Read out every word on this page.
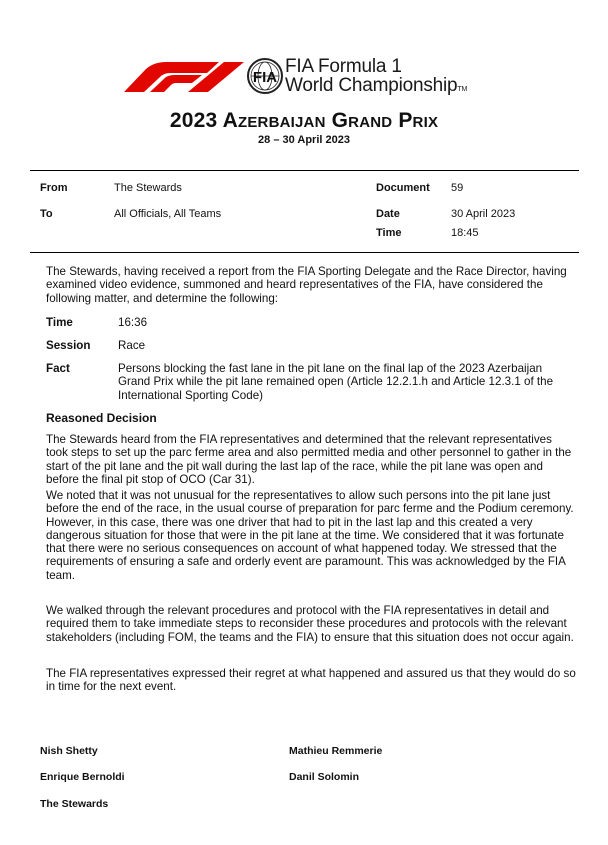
FIA
FIA Formula 1
World ChampionshipTM
2023 Azerbaijan Grand Prix
28 – 30 April 2023
From	The Stewards
To	All Officials, All Teams
Document 59
Date	30 April 2023
Time	18:45
The Stewards, having received a report from the FIA Sporting Delegate and the Race Director, having examined video evidence, summoned and heard representatives of the FIA, have considered the following matter, and determine the following:
Time	16:36
Session Race
Fact	Persons blocking the fast lane in the pit lane on the final lap of the 2023 Azerbaijan Grand Prix while the pit lane remained open (Article 12.2.1.h and Article 12.3.1 of the International Sporting Code)
Reasoned Decision
The Stewards heard from the FIA representatives and determined that the relevant representatives took steps to set up the parc ferme area and also permitted media and other personnel to gather in the start of the pit lane and the pit wall during the last lap of the race, while the pit lane was open and before the final pit stop of OCO (Car 31).
We noted that it was not unusual for the representatives to allow such persons into the pit lane just before the end of the race, in the usual course of preparation for parc ferme and the Podium ceremony. However, in this case, there was one driver that had to pit in the last lap and this created a very dangerous situation for those that were in the pit lane at the time. We considered that it was fortunate that there were no serious consequences on account of what happened today. We stressed that the requirements of ensuring a safe and orderly event are paramount. This was acknowledged by the FIA team.
We walked through the relevant procedures and protocol with the FIA representatives in detail and required them to take immediate steps to reconsider these procedures and protocols with the relevant stakeholders (including FOM, the teams and the FIA) to ensure that this situation does not occur again.
The FIA representatives expressed their regret at what happened and assured us that they would do so in time for the next event.
Nish Shetty	Mathieu Remmerie
Enrique Bernoldi	Danil Solomin
The Stewards
